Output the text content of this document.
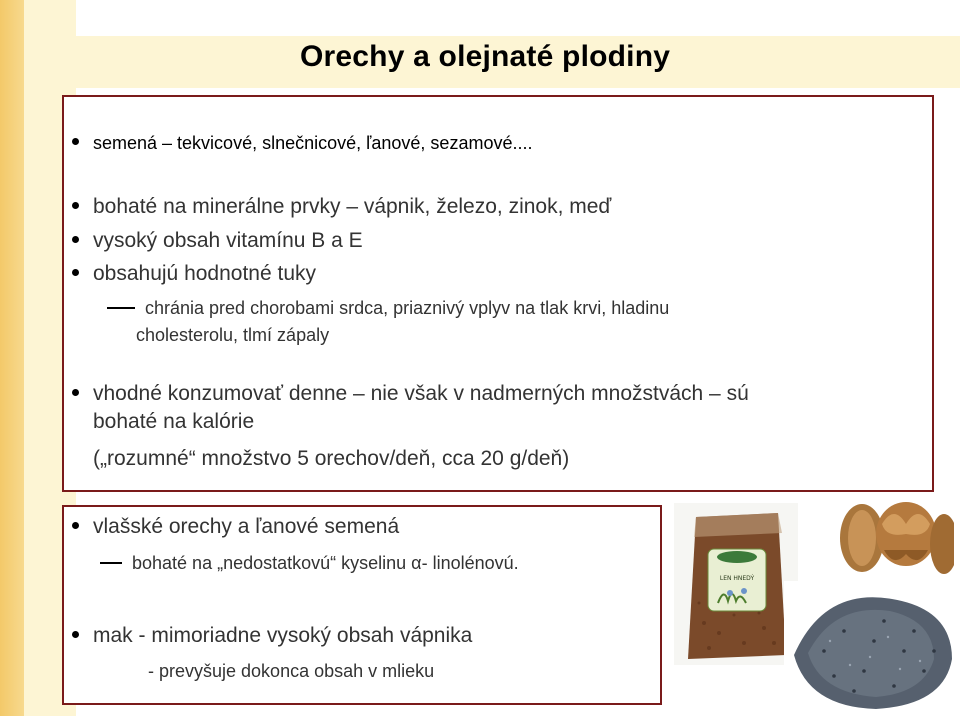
Orechy a olejnaté plodiny
semená – tekvicové, slnečnicové, ľanové, sezamové....
bohaté na minerálne prvky – vápnik, železo, zinok, meď
vysoký obsah vitamínu B a E
obsahujú hodnotné tuky
chránia pred chorobami srdca, priaznivý vplyv na tlak krvi, hladinu
cholesterolu, tlmí zápaly
vhodné konzumovať denne – nie však v nadmerných množstvách – sú
bohaté na kalórie
(„rozumné“ množstvo 5 orechov/deň, cca 20 g/deň)
vlašské orechy a ľanové semená
bohaté na „nedostatkovú“ kyselinu α- linolénovú.
mak - mimoriadne vysoký obsah vápnika
- prevyšuje dokonca obsah v mlieku
LEN HNEDÝ
